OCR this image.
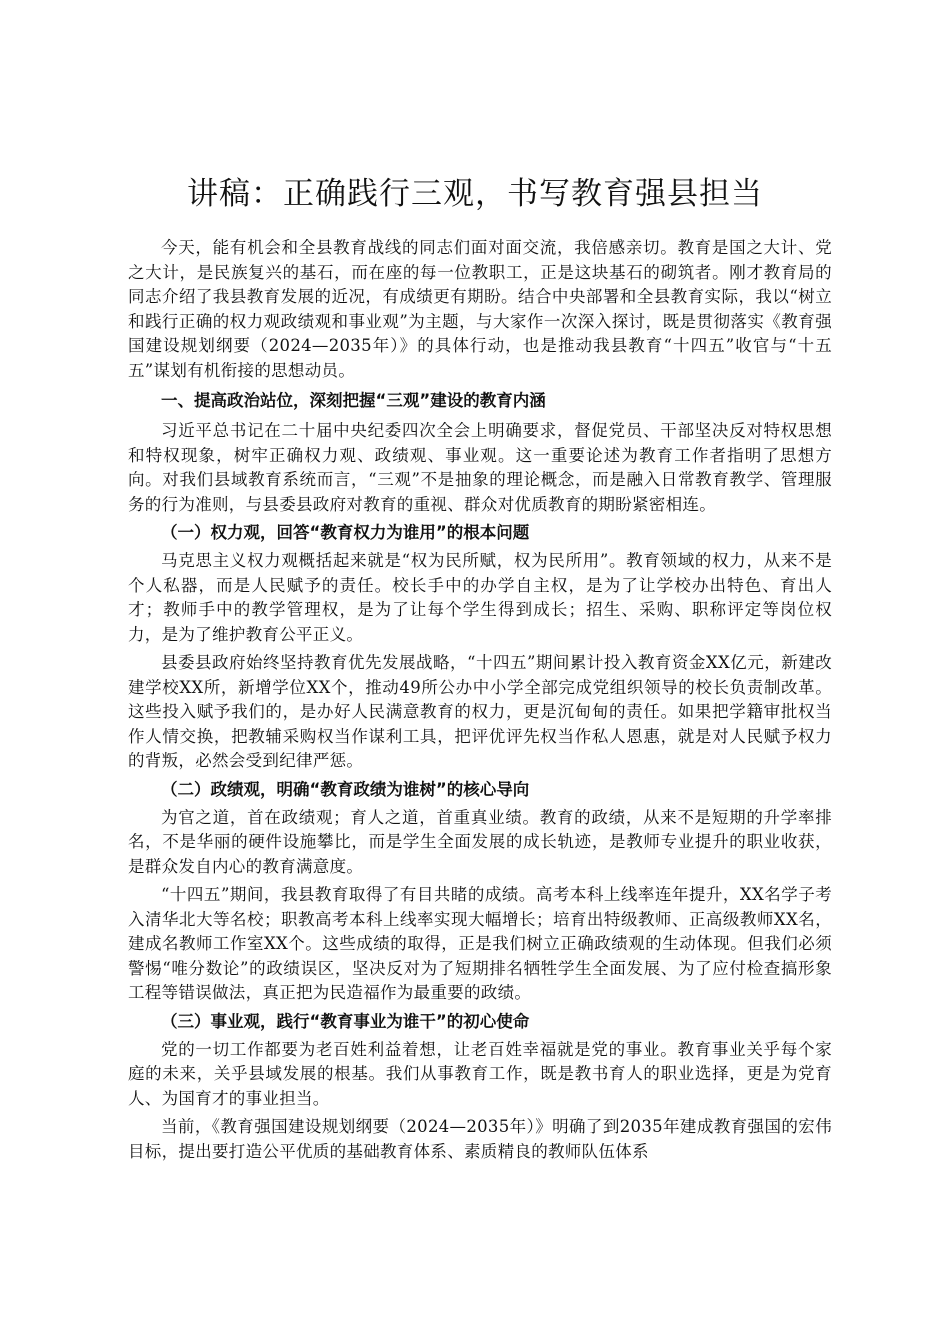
讲稿：正确践行三观，书写教育强县担当

今天，能有机会和全县教育战线的同志们面对面交流，我倍感亲切。教育是国之大计、党之大计，是民族复兴的基石，而在座的每一位教职工，正是这块基石的砌筑者。刚才教育局的同志介绍了我县教育发展的近况，有成绩更有期盼。结合中央部署和全县教育实际，我以“树立和践行正确的权力观政绩观和事业观”为主题，与大家作一次深入探讨，既是贯彻落实《教育强国建设规划纲要（2024—2035年）》的具体行动，也是推动我县教育“十四五”收官与“十五五”谋划有机衔接的思想动员。

一、提高政治站位，深刻把握“三观”建设的教育内涵

习近平总书记在二十届中央纪委四次全会上明确要求，督促党员、干部坚决反对特权思想和特权现象，树牢正确权力观、政绩观、事业观。这一重要论述为教育工作者指明了思想方向。对我们县域教育系统而言，“三观”不是抽象的理论概念，而是融入日常教育教学、管理服务的行为准则，与县委县政府对教育的重视、群众对优质教育的期盼紧密相连。

（一）权力观，回答“教育权力为谁用”的根本问题

马克思主义权力观概括起来就是“权为民所赋，权为民所用”。教育领域的权力，从来不是个人私器，而是人民赋予的责任。校长手中的办学自主权，是为了让学校办出特色、育出人才；教师手中的教学管理权，是为了让每个学生得到成长；招生、采购、职称评定等岗位权力，是为了维护教育公平正义。

县委县政府始终坚持教育优先发展战略，“十四五”期间累计投入教育资金XX亿元，新建改建学校XX所，新增学位XX个，推动49所公办中小学全部完成党组织领导的校长负责制改革。这些投入赋予我们的，是办好人民满意教育的权力，更是沉甸甸的责任。如果把学籍审批权当作人情交换，把教辅采购权当作谋利工具，把评优评先权当作私人恩惠，就是对人民赋予权力的背叛，必然会受到纪律严惩。

（二）政绩观，明确“教育政绩为谁树”的核心导向

为官之道，首在政绩观；育人之道，首重真业绩。教育的政绩，从来不是短期的升学率排名，不是华丽的硬件设施攀比，而是学生全面发展的成长轨迹，是教师专业提升的职业收获，是群众发自内心的教育满意度。

“十四五”期间，我县教育取得了有目共睹的成绩。高考本科上线率连年提升，XX名学子考入清华北大等名校；职教高考本科上线率实现大幅增长；培育出特级教师、正高级教师XX名，建成名教师工作室XX个。这些成绩的取得，正是我们树立正确政绩观的生动体现。但我们必须警惕“唯分数论”的政绩误区，坚决反对为了短期排名牺牲学生全面发展、为了应付检查搞形象工程等错误做法，真正把为民造福作为最重要的政绩。

（三）事业观，践行“教育事业为谁干”的初心使命

党的一切工作都要为老百姓利益着想，让老百姓幸福就是党的事业。教育事业关乎每个家庭的未来，关乎县域发展的根基。我们从事教育工作，既是教书育人的职业选择，更是为党育人、为国育才的事业担当。

当前，《教育强国建设规划纲要（2024—2035年）》明确了到2035年建成教育强国的宏伟目标，提出要打造公平优质的基础教育体系、素质精良的教师队伍体系
